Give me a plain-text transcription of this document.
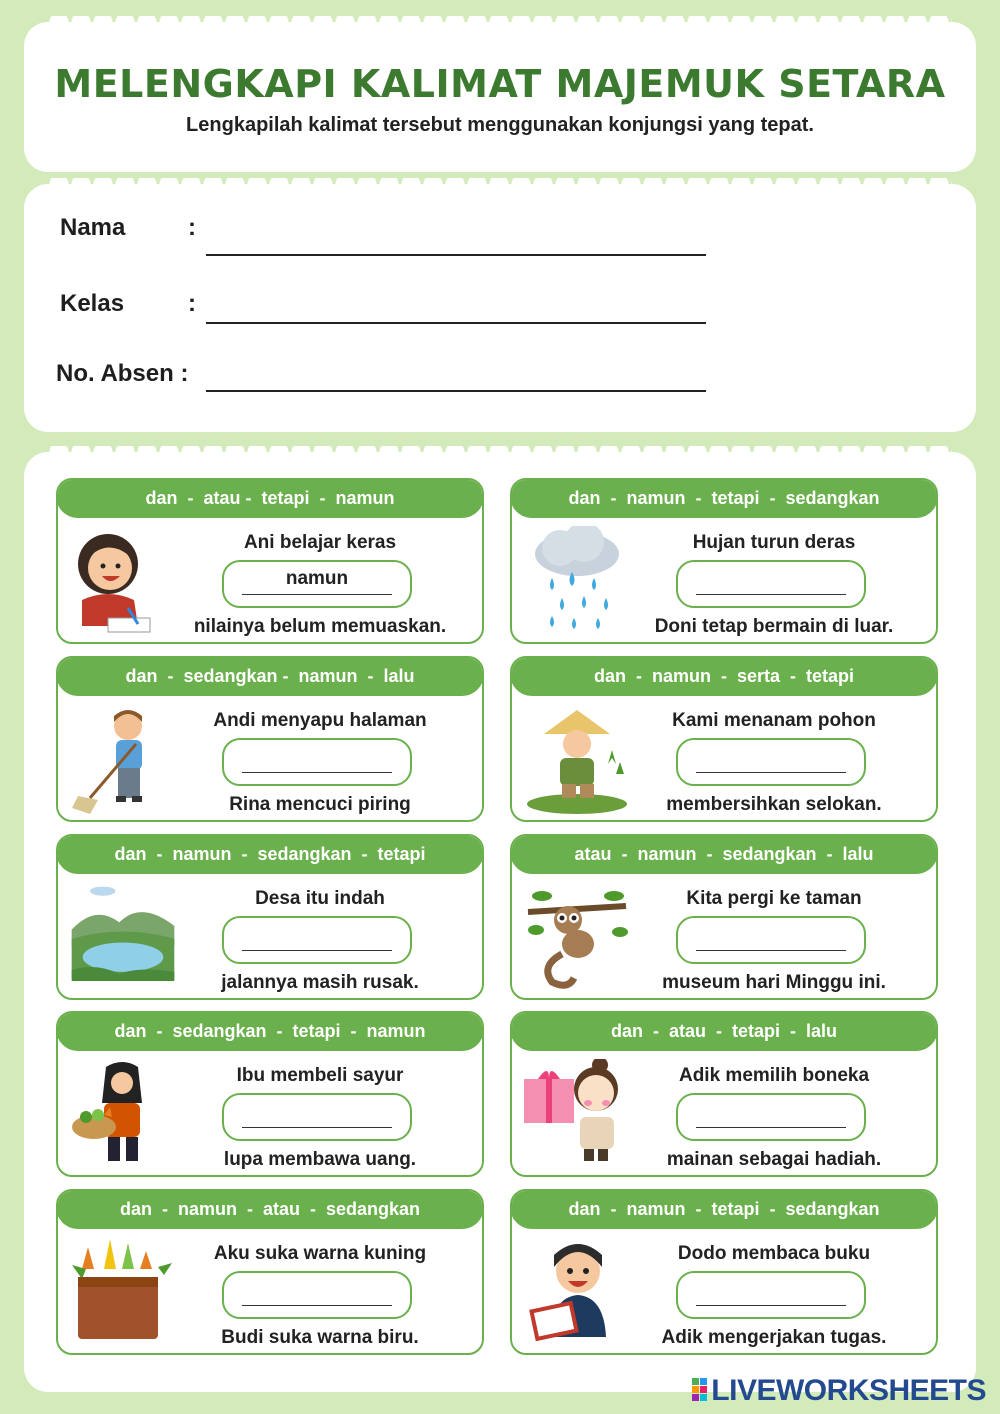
MELENGKAPI KALIMAT MAJEMUK SETARA
Lengkapilah kalimat tersebut menggunakan konjungsi yang tepat.
Nama	:
Kelas	:
No. Absen :
dan  -  atau -  tetapi  -  namun
Ani belajar keras
namun
nilainya belum memuaskan.
dan  -  namun  -  tetapi  -  sedangkan
Hujan turun deras
Doni tetap bermain di luar.
dan  -  sedangkan -  namun  -  lalu
Andi menyapu halaman
Rina mencuci piring
dan  -  namun  -  serta  -  tetapi
Kami menanam pohon
membersihkan selokan.
dan  -  namun  -  sedangkan  -  tetapi
Desa itu indah
jalannya masih rusak.
atau  -  namun  -  sedangkan  -  lalu
Kita pergi ke taman
museum hari Minggu ini.
dan  -  sedangkan  -  tetapi  -  namun
Ibu membeli sayur
lupa membawa uang.
dan  -  atau  -  tetapi  -  lalu
Adik memilih boneka
mainan sebagai hadiah.
dan  -  namun  -  atau  -  sedangkan
Aku suka warna kuning
Budi suka warna biru.
dan  -  namun  -  tetapi  -  sedangkan
Dodo membaca buku
Adik mengerjakan tugas.
LIVEWORKSHEETS
